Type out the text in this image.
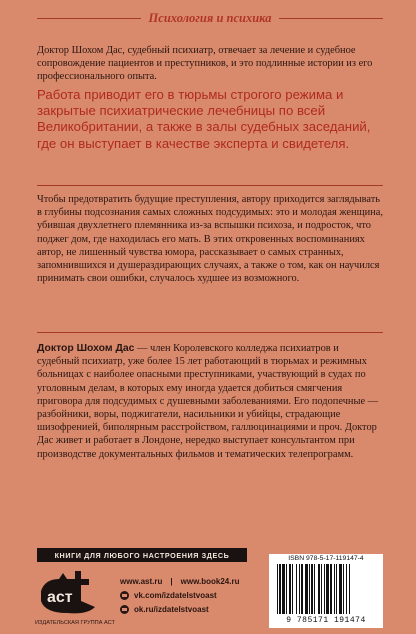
Психология и психика

Доктор Шохом Дас, судебный психиатр, отвечает за лечение и судебное сопровождение пациентов и преступников, и это подлинные истории из его профессионального опыта.

Работа приводит его в тюрьмы строгого режима и закрытые психиатрические лечебницы по всей Великобритании, а также в залы судебных заседаний, где он выступает в качестве эксперта и свидетеля.

Чтобы предотвратить будущие преступления, автору приходится заглядывать в глубины подсознания самых сложных подсудимых: это и молодая женщина, убившая двухлетнего племянника из-за вспышки психоза, и подросток, что поджег дом, где находилась его мать. В этих откровенных воспоминаниях автор, не лишенный чувства юмора, рассказывает о самых странных, запомнившихся и душераздирающих случаях, а также о том, как он научился принимать свои ошибки, случалось худшее из возможного.

Доктор Шохом Дас — член Королевского колледжа психиатров и судебный психиатр, уже более 15 лет работающий в тюрьмах и режимных больницах с наиболее опасными преступниками, участвующий в судах по уголовным делам, в которых ему иногда удается добиться смягчения приговора для подсудимых с душевными заболеваниями. Его подопечные — разбойники, воры, поджигатели, насильники и убийцы, страдающие шизофренией, биполярным расстройством, галлюцинациями и проч. Доктор Дас живет и работает в Лондоне, нередко выступает консультантом при производстве документальных фильмов и тематических телепрограмм.

КНИГИ ДЛЯ ЛЮБОГО НАСТРОЕНИЯ ЗДЕСЬ
аст
ИЗДАТЕЛЬСКАЯ ГРУППА АСТ
www.ast.ru | www.book24.ru
vk.com/izdatelstvoast
ok.ru/izdatelstvoast
ISBN 978-5-17-119147-4
9 785171 191474
